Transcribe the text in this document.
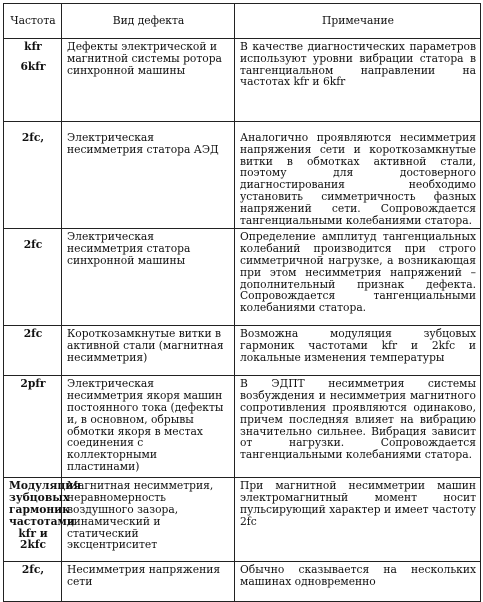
Частота	Вид дефекта	Примечание

kfr
6kfr	Дефекты электрической и магнитной системы ротора синхронной машины	В качестве диагностических параметров используют уровни вибрации статора в тангенциальном направлении на частотах kfr и 6kfr

2fc,	Электрическая несимметрия статора АЭД	Аналогично проявляются несимметрия напряжения сети и короткозамкнутые витки в обмотках активной стали, поэтому для достоверного диагностирования необходимо установить симметричность фазных напряжений сети. Сопровождается тангенциальными колебаниями статора.

2fc	Электрическая несимметрия статора синхронной машины	Определение амплитуд тангенциальных колебаний производится при строго симметричной нагрузке, а возникающая при этом несимметрия напряжений – дополнительный признак дефекта. Сопровождается тангенциальными колебаниями статора.

2fc	Короткозамкнутые витки в активной стали (магнитная несимметрия)	Возможна модуляция зубцовых гармоник частотами kfr и 2kfc и локальные изменения температуры

2pfr	Электрическая несимметрия якоря машин постоянного тока (дефекты и, в основном, обрывы обмотки якоря в местах соединения с коллекторными пластинами)	В ЭДПТ несимметрия системы возбуждения и несимметрия магнитного сопротивления проявляются одинаково, причем последняя влияет на вибрацию значительно сильнее. Вибрация зависит от нагрузки. Сопровождается тангенциальными колебаниями статора.
Модуляция зубцовых гармоник частотами kfr и 2kfc	Магнитная несимметрия, неравномерность воздушного зазора, динамический и статический эксцентриситет	При магнитной несимметрии машин электромагнитный момент носит пульсирующий характер и имеет частоту 2fc

2fc,	Несимметрия напряжения сети	Обычно сказывается на нескольких машинах одновременно
